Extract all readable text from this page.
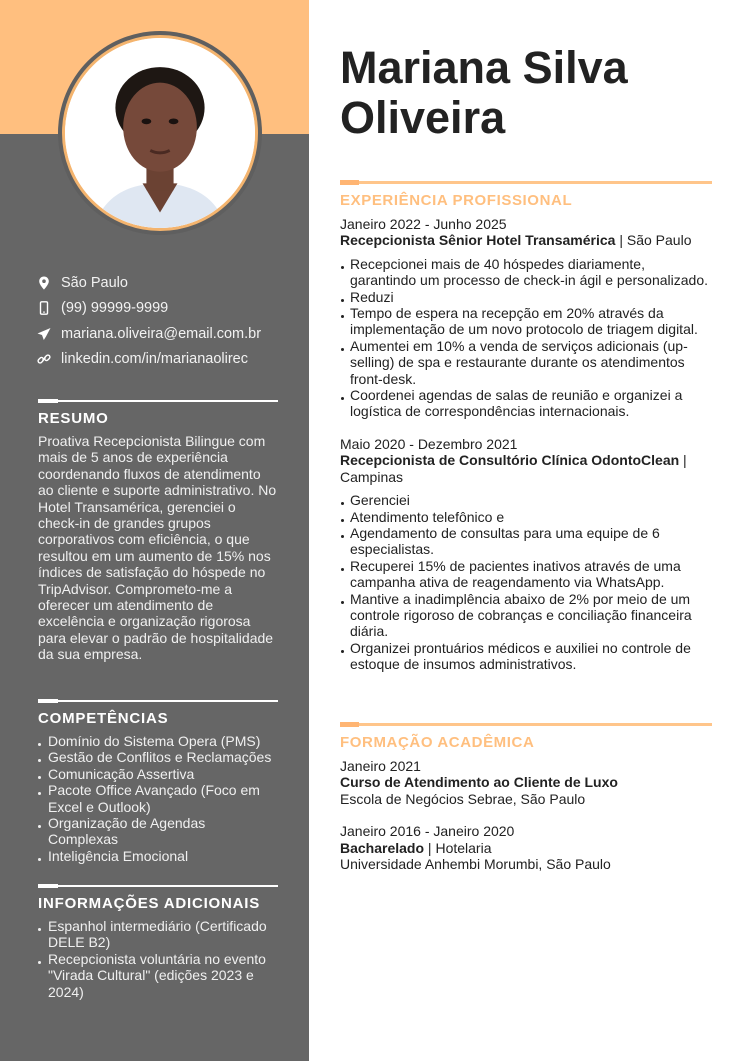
São Paulo
(99) 99999-9999
mariana.oliveira@email.com.br
linkedin.com/in/marianaolirec
RESUMO

Proativa Recepcionista Bilingue com mais de 5 anos de experiência coordenando fluxos de atendimento ao cliente e suporte administrativo. No Hotel Transamérica, gerenciei o check-in de grandes grupos corporativos com eficiência, o que resultou em um aumento de 15% nos índices de satisfação do hóspede no TripAdvisor. Comprometo-me a oferecer um atendimento de excelência e organização rigorosa para elevar o padrão de hospitalidade da sua empresa.

COMPETÊNCIAS
Domínio do Sistema Opera (PMS)
Gestão de Conflitos e Reclamações
Comunicação Assertiva
Pacote Office Avançado (Foco em Excel e Outlook)
Organização de Agendas Complexas
Inteligência Emocional
INFORMAÇÕES ADICIONAIS
Espanhol intermediário (Certificado DELE B2)
Recepcionista voluntária no evento "Virada Cultural" (edições 2023 e 2024)
Mariana Silva Oliveira
EXPERIÊNCIA PROFISSIONAL
Janeiro 2022 - Junho 2025
Recepcionista Sênior Hotel Transamérica | São Paulo
Recepcionei mais de 40 hóspedes diariamente, garantindo um processo de check-in ágil e personalizado.
Reduzi
Tempo de espera na recepção em 20% através da implementação de um novo protocolo de triagem digital.
Aumentei em 10% a venda de serviços adicionais (up-selling) de spa e restaurante durante os atendimentos front-desk.
Coordenei agendas de salas de reunião e organizei a logística de correspondências internacionais.
Maio 2020 - Dezembro 2021
Recepcionista de Consultório Clínica OdontoClean | Campinas
Gerenciei
Atendimento telefônico e
Agendamento de consultas para uma equipe de 6 especialistas.
Recuperei 15% de pacientes inativos através de uma campanha ativa de reagendamento via WhatsApp.
Mantive a inadimplência abaixo de 2% por meio de um controle rigoroso de cobranças e conciliação financeira diária.
Organizei prontuários médicos e auxiliei no controle de estoque de insumos administrativos.
FORMAÇÃO ACADÊMICA
Janeiro 2021
Curso de Atendimento ao Cliente de Luxo
Escola de Negócios Sebrae, São Paulo
Janeiro 2016 - Janeiro 2020
Bacharelado | Hotelaria
Universidade Anhembi Morumbi, São Paulo
